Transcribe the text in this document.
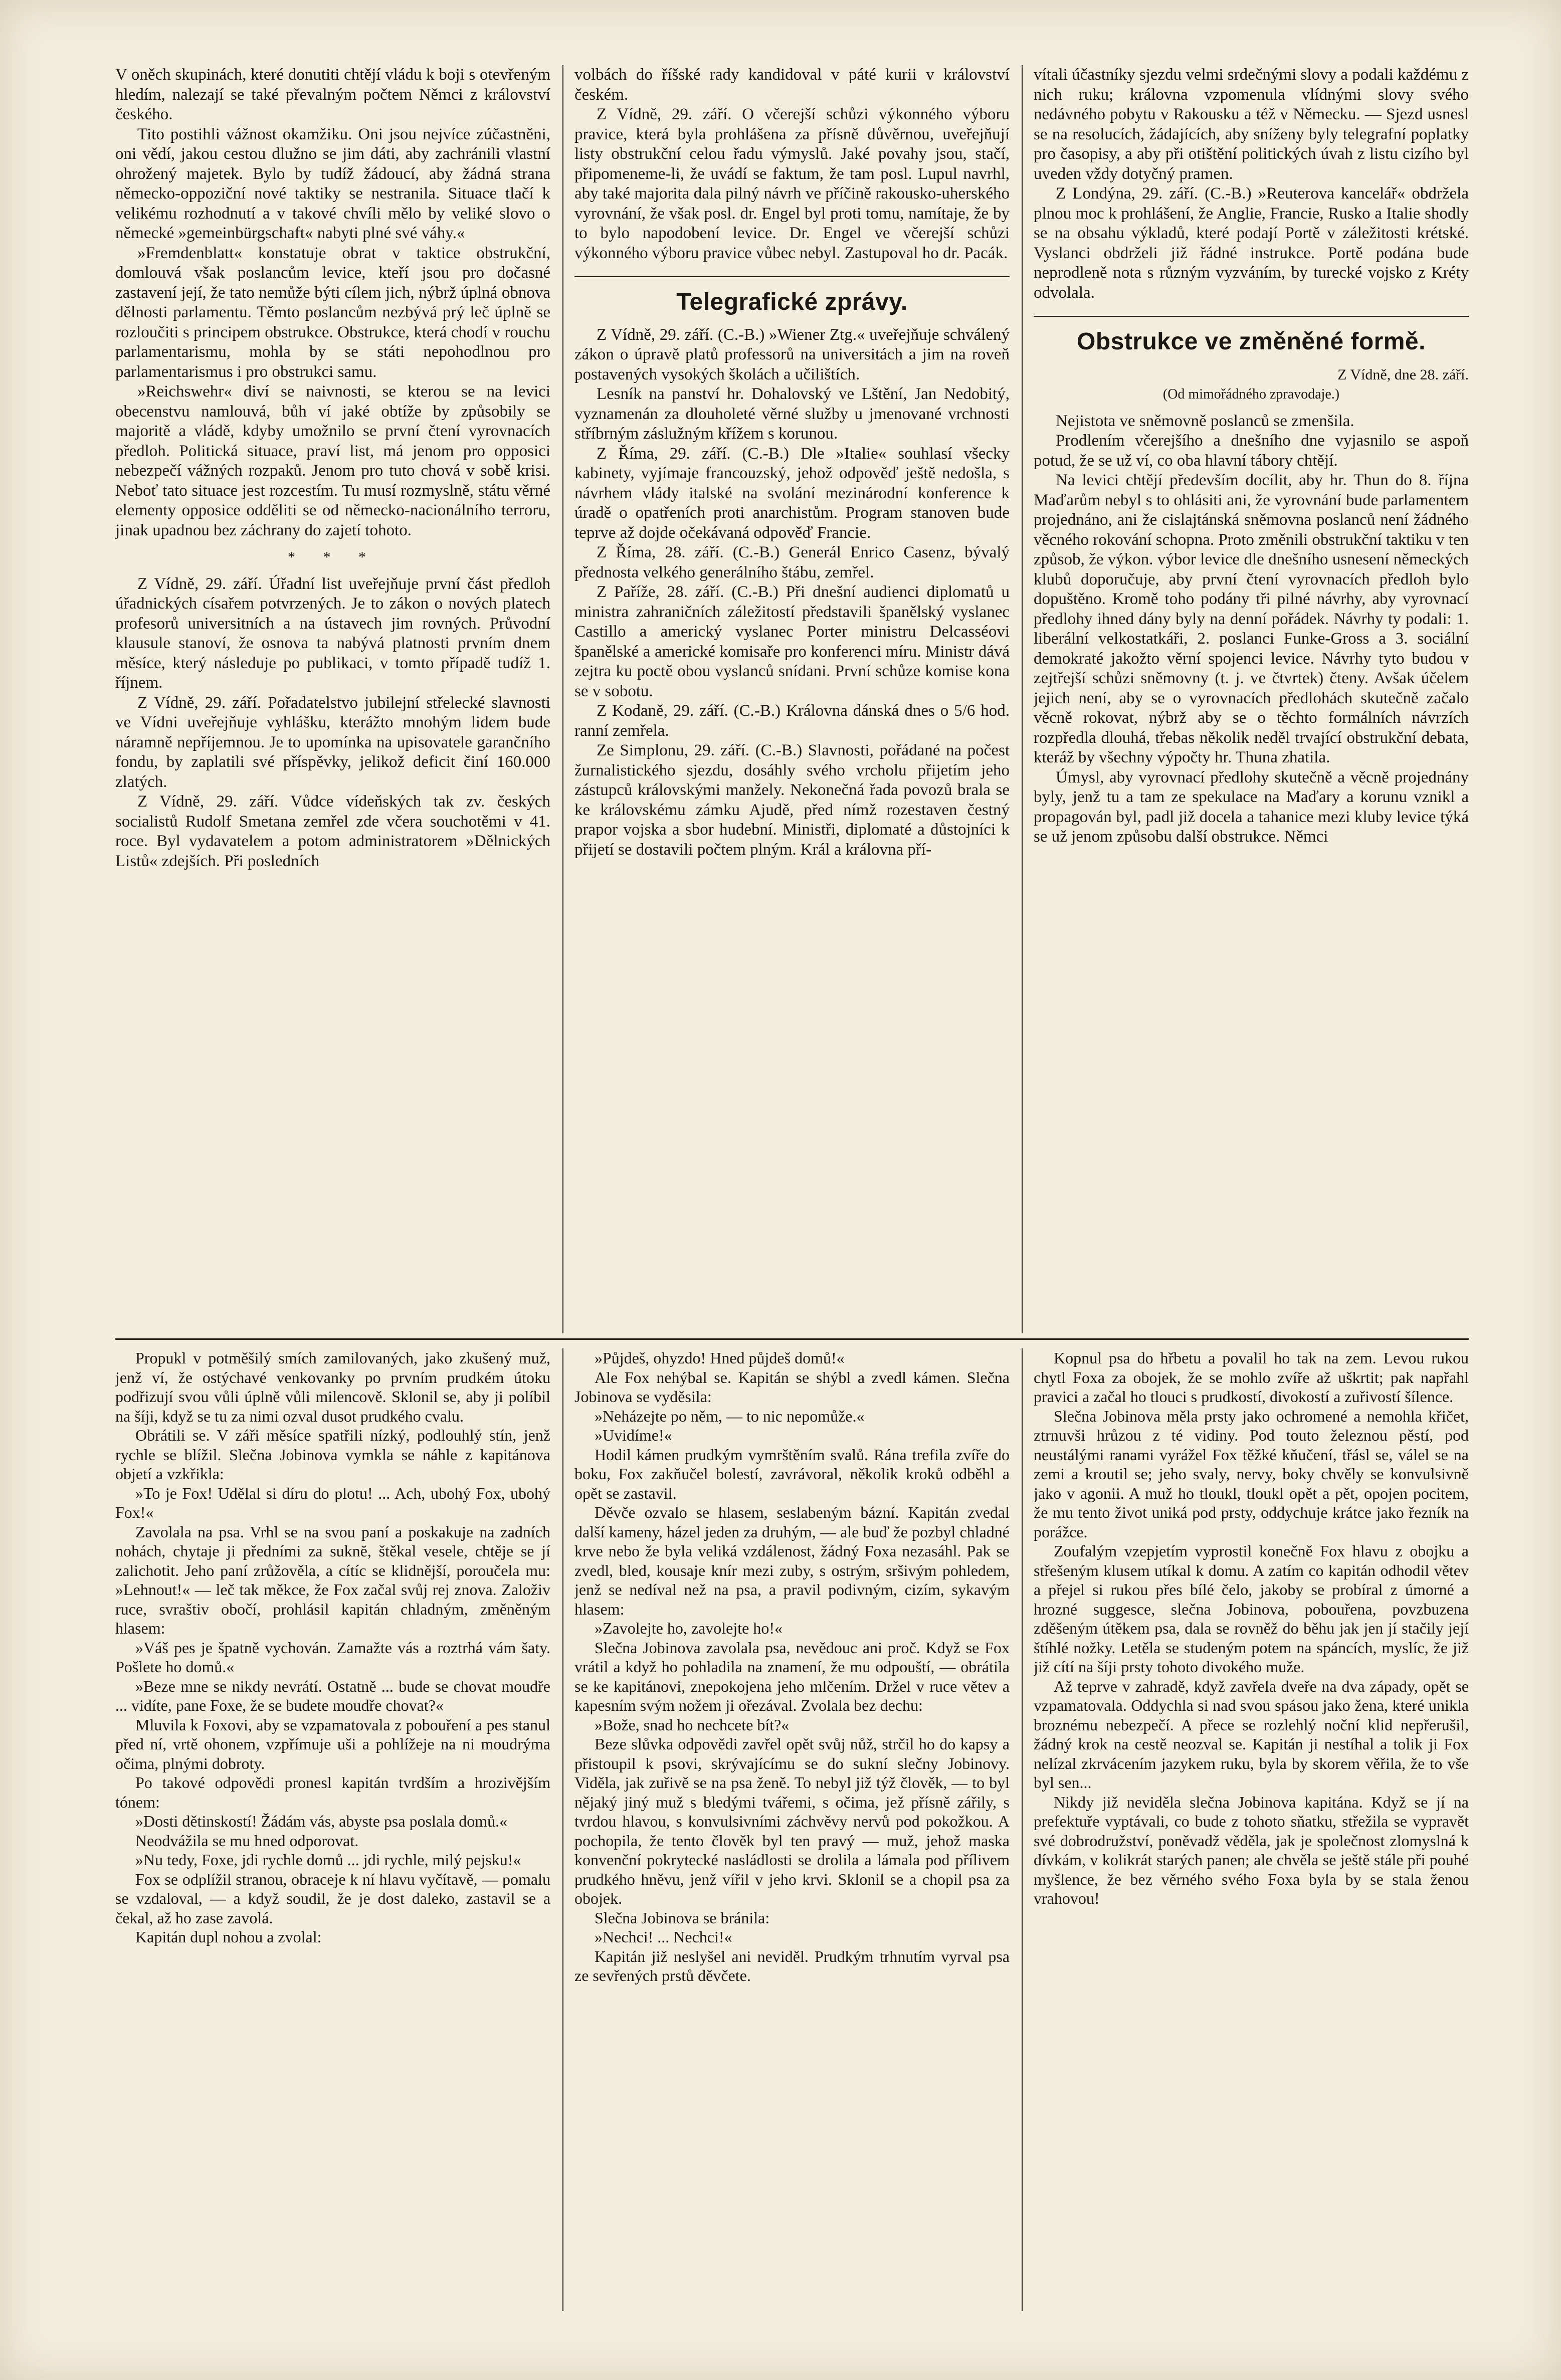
V oněch skupinách, které donutiti chtějí vládu k boji s otevřeným hledím, nalezají se také převalným počtem Němci z království českého.

Tito postihli vážnost okamžiku. Oni jsou nejvíce zúčastněni, oni vědí, jakou cestou dlužno se jim dáti, aby zachránili vlastní ohrožený majetek. Bylo by tudíž žádoucí, aby žádná strana německo-oppoziční nové taktiky se nestranila. Situace tlačí k velikému rozhodnutí a v takové chvíli mělo by veliké slovo o německé »gemeinbürgschaft« nabyti plné své váhy.«

»Fremdenblatt« konstatuje obrat v taktice obstrukční, domlouvá však poslancům levice, kteří jsou pro dočasné zastavení její, že tato nemůže býti cílem jich, nýbrž úplná obnova dělnosti parlamentu. Těmto poslancům nezbývá prý leč úplně se rozloučiti s principem obstrukce. Obstrukce, která chodí v rouchu parlamentarismu, mohla by se státi nepohodlnou pro parlamentarismus i pro obstrukci samu.

»Reichswehr« diví se naivnosti, se kterou se na levici obecenstvu namlouvá, bůh ví jaké obtíže by způsobily se majoritě a vládě, kdyby umožnilo se první čtení vyrovnacích předloh. Politická situace, praví list, má jenom pro opposici nebezpečí vážných rozpaků. Jenom pro tuto chová v sobě krisi. Neboť tato situace jest rozcestím. Tu musí rozmyslně, státu věrné elementy opposice odděliti se od německo-nacionálního terroru, jinak upadnou bez záchrany do zajetí tohoto.

* * *

Z Vídně, 29. září. Úřadní list uveřejňuje první část předloh úřadnických císařem potvrzených. Je to zákon o nových platech profesorů universitních a na ústavech jim rovných. Průvodní klausule stanoví, že osnova ta nabývá platnosti prvním dnem měsíce, který následuje po publikaci, v tomto případě tudíž 1. říjnem.

Z Vídně, 29. září. Pořadatelstvo jubilejní střelecké slavnosti ve Vídni uveřejňuje vyhlášku, kterážto mnohým lidem bude náramně nepříjemnou. Je to upomínka na upisovatele garančního fondu, by zaplatili své příspěvky, jelikož deficit činí 160.000 zlatých.

Z Vídně, 29. září. Vůdce vídeňských tak zv. českých socialistů Rudolf Smetana zemřel zde včera souchotěmi v 41. roce. Byl vydavatelem a potom administratorem »Dělnických Listů« zdejších. Při posledních

volbách do říšské rady kandidoval v páté kurii v království českém.

Z Vídně, 29. září. O včerejší schůzi výkonného výboru pravice, která byla prohlášena za přísně důvěrnou, uveřejňují listy obstrukční celou řadu výmyslů. Jaké povahy jsou, stačí, připomeneme-li, že uvádí se faktum, že tam posl. Lupul navrhl, aby také majorita dala pilný návrh ve příčině rakousko-uherského vyrovnání, že však posl. dr. Engel byl proti tomu, namítaje, že by to bylo napodobení levice. Dr. Engel ve včerejší schůzi výkonného výboru pravice vůbec nebyl. Zastupoval ho dr. Pacák.

Telegrafické zprávy.

Z Vídně, 29. září. (C.-B.) »Wiener Ztg.« uveřejňuje schválený zákon o úpravě platů professorů na universitách a jim na roveň postavených vysokých školách a učilištích.

Lesník na panství hr. Dohalovský ve Lštění, Jan Nedobitý, vyznamenán za dlouholeté věrné služby u jmenované vrchnosti stříbrným záslužným křížem s korunou.

Z Říma, 29. září. (C.-B.) Dle »Italie« souhlasí všecky kabinety, vyjímaje francouzský, jehož odpověď ještě nedošla, s návrhem vlády italské na svolání mezinárodní konference k úradě o opatřeních proti anarchistům. Program stanoven bude teprve až dojde očekávaná odpověď Francie.

Z Říma, 28. září. (C.-B.) Generál Enrico Casenz, bývalý přednosta velkého generálního štábu, zemřel.

Z Paříže, 28. září. (C.-B.) Při dnešní audienci diplomatů u ministra zahraničních záležitostí představili španělský vyslanec Castillo a americký vyslanec Porter ministru Delcasséovi španělské a americké komisaře pro konferenci míru. Ministr dává zejtra ku poctě obou vyslanců snídani. První schůze komise kona se v sobotu.

Z Kodaně, 29. září. (C.-B.) Královna dánská dnes o 5/6 hod. ranní zemřela.

Ze Simplonu, 29. září. (C.-B.) Slavnosti, pořádané na počest žurnalistického sjezdu, dosáhly svého vrcholu přijetím jeho zástupců královskými manžely. Nekonečná řada povozů brala se ke královskému zámku Ajudě, před nímž rozestaven čestný prapor vojska a sbor hudební. Ministři, diplomaté a důstojníci k přijetí se dostavili počtem plným. Král a královna pří-

vítali účastníky sjezdu velmi srdečnými slovy a podali každému z nich ruku; královna vzpomenula vlídnými slovy svého nedávného pobytu v Rakousku a též v Německu. — Sjezd usnesl se na resolucích, žádajících, aby sníženy byly telegrafní poplatky pro časopisy, a aby při otištění politických úvah z listu cizího byl uveden vždy dotyčný pramen.

Z Londýna, 29. září. (C.-B.) »Reuterova kancelář« obdržela plnou moc k prohlášení, že Anglie, Francie, Rusko a Italie shodly se na obsahu výkladů, které podají Portě v záležitosti krétské. Vyslanci obdrželi již řádné instrukce. Portě podána bude neprodleně nota s různým vyzváním, by turecké vojsko z Kréty odvolala.

Obstrukce ve změněné formě.
Z Vídně, dne 28. září.
(Od mimořádného zpravodaje.)

Nejistota ve sněmovně poslanců se zmenšila.

Prodlením včerejšího a dnešního dne vyjasnilo se aspoň potud, že se už ví, co oba hlavní tábory chtějí.

Na levici chtějí především docílit, aby hr. Thun do 8. října Maďarům nebyl s to ohlásiti ani, že vyrovnání bude parlamentem projednáno, ani že cislajtánská sněmovna poslanců není žádného věcného rokování schopna. Proto změnili obstrukční taktiku v ten způsob, že výkon. výbor levice dle dnešního usnesení německých klubů doporučuje, aby první čtení vyrovnacích předloh bylo dopuštěno. Kromě toho podány tři pilné návrhy, aby vyrovnací předlohy ihned dány byly na denní pořádek. Návrhy ty podali: 1. liberální velkostatkáři, 2. poslanci Funke-Gross a 3. sociální demokraté jakožto věrní spojenci levice. Návrhy tyto budou v zejtřejší schůzi sněmovny (t. j. ve čtvrtek) čteny. Avšak účelem jejich není, aby se o vyrovnacích předlohách skutečně začalo věcně rokovat, nýbrž aby se o těchto formálních návrzích rozpředla dlouhá, třebas několik neděl trvající obstrukční debata, kteráž by všechny výpočty hr. Thuna zhatila.

Úmysl, aby vyrovnací předlohy skutečně a věcně projednány byly, jenž tu a tam ze spekulace na Maďary a korunu vznikl a propagován byl, padl již docela a tahanice mezi kluby levice týká se už jenom způsobu další obstrukce. Němci

Propukl v potměšilý smích zamilovaných, jako zkušený muž, jenž ví, že ostýchavé venkovanky po prvním prudkém útoku podřizují svou vůli úplně vůli milencově. Sklonil se, aby ji políbil na šíji, když se tu za nimi ozval dusot prudkého cvalu.

Obrátili se. V záři měsíce spatřili nízký, podlouhlý stín, jenž rychle se blížil. Slečna Jobinova vymkla se náhle z kapitánova objetí a vzkřikla:

»To je Fox! Udělal si díru do plotu! ... Ach, ubohý Fox, ubohý Fox!«

Zavolala na psa. Vrhl se na svou paní a poskakuje na zadních nohách, chytaje ji předními za suknĕ, štěkal vesele, chtěje se jí zalichotit. Jeho paní zrůžověla, a cítíc se klidnější, poroučela mu: »Lehnout!« — leč tak měkce, že Fox začal svůj rej znova. Založiv ruce, svraštiv obočí, prohlásil kapitán chladným, změněným hlasem:

»Váš pes je špatně vychován. Zamažte vás a roztrhá vám šaty. Pošlete ho domů.«

»Beze mne se nikdy nevrátí. Ostatně ... bude se chovat moudře ... vidíte, pane Foxe, že se budete moudře chovat?«

Mluvila k Foxovi, aby se vzpamatovala z pobouření a pes stanul před ní, vrtě ohonem, vzpřímuje uši a pohlížeje na ni moudrýma očima, plnými dobroty.

Po takové odpovědi pronesl kapitán tvrdším a hrozivějším tónem:

»Dosti dětinskostí! Žádám vás, abyste psa poslala domů.«

Neodvážila se mu hned odporovat.

»Nu tedy, Foxe, jdi rychle domů ... jdi rychle, milý pejsku!«

Fox se odplížil stranou, obraceje k ní hlavu vyčítavě, — pomalu se vzdaloval, — a když soudil, že je dost daleko, zastavil se a čekal, až ho zase zavolá.

Kapitán dupl nohou a zvolal:

»Půjdeš, ohyzdo! Hned půjdeš domů!«

Ale Fox nehýbal se. Kapitán se shýbl a zvedl kámen. Slečna Jobinova se vyděsila:

»Neházejte po něm, — to nic nepomůže.«

»Uvidíme!«

Hodil kámen prudkým vymrštěním svalů. Rána trefila zvíře do boku, Fox zakňučel bolestí, zavrávoral, několik kroků odběhl a opět se zastavil.

Děvče ozvalo se hlasem, seslabeným bázní. Kapitán zvedal další kameny, házel jeden za druhým, — ale buď že pozbyl chladné krve nebo že byla veliká vzdálenost, žádný Foxa nezasáhl. Pak se zvedl, bled, kousaje knír mezi zuby, s ostrým, sršivým pohledem, jenž se nedíval než na psa, a pravil podivným, cizím, sykavým hlasem:

»Zavolejte ho, zavolejte ho!«

Slečna Jobinova zavolala psa, nevědouc ani proč. Když se Fox vrátil a když ho pohladila na znamení, že mu odpouští, — obrátila se ke kapitánovi, znepokojena jeho mlčením. Držel v ruce větev a kapesním svým nožem ji ořezával. Zvolala bez dechu:

»Bože, snad ho nechcete bít?«

Beze slůvka odpovědi zavřel opět svůj nůž, strčil ho do kapsy a přistoupil k psovi, skrývajícímu se do sukní slečny Jobinovy. Viděla, jak zuřivě se na psa ženě. To nebyl již týž člověk, — to byl nějaký jiný muž s bledými tvářemi, s očima, jež přísně zářily, s tvrdou hlavou, s konvulsivními záchvěvy nervů pod pokožkou. A pochopila, že tento člověk byl ten pravý — muž, jehož maska konvenční pokrytecké nasládlosti se drolila a lámala pod přílivem prudkého hněvu, jenž vířil v jeho krvi. Sklonil se a chopil psa za obojek.

Slečna Jobinova se bránila:

»Nechci! ... Nechci!«

Kapitán již neslyšel ani neviděl. Prudkým trhnutím vyrval psa ze sevřených prstů děvčete.

Kopnul psa do hřbetu a povalil ho tak na zem. Levou rukou chytl Foxa za obojek, že se mohlo zvíře až uškrtit; pak napřahl pravici a začal ho tlouci s prudkostí, divokostí a zuřivostí šílence.

Slečna Jobinova měla prsty jako ochromené a nemohla křičet, ztrnuvši hrůzou z té vidiny. Pod touto železnou pěstí, pod neustálými ranami vyrážel Fox těžké kňučení, třásl se, válel se na zemi a kroutil se; jeho svaly, nervy, boky chvěly se konvulsivně jako v agonii. A muž ho tloukl, tloukl opět a pět, opojen pocitem, že mu tento život uniká pod prsty, oddychuje krátce jako řezník na porážce.

Zoufalým vzepjetím vyprostil konečně Fox hlavu z obojku a střešeným klusem utíkal k domu. A zatím co kapitán odhodil větev a přejel si rukou přes bílé čelo, jakoby se probíral z úmorné a hrozné suggesce, slečna Jobinova, pobouřena, povzbuzena zděšeným útěkem psa, dala se rovněž do běhu jak jen jí stačily její štíhlé nožky. Letěla se studeným potem na spáncích, myslíc, že již již cítí na šíji prsty tohoto divokého muže.

Až teprve v zahradě, když zavřela dveře na dva západy, opět se vzpamatovala. Oddychla si nad svou spásou jako žena, které unikla broznému nebezpečí. A přece se rozlehlý noční klid nepřerušil, žádný krok na cestě neozval se. Kapitán ji nestíhal a tolik ji Fox nelízal zkrvácením jazykem ruku, byla by skorem věřila, že to vše byl sen...

Nikdy již neviděla slečna Jobinova kapitána. Když se jí na prefektuře vyptávali, co bude z tohoto sňatku, střežila se vypravět své dobrodružství, poněvadž věděla, jak je společnost zlomyslná k dívkám, v kolikrát starých panen; ale chvěla se ještě stále při pouhé myšlence, že bez věrného svého Foxa byla by se stala ženou vrahovou!
